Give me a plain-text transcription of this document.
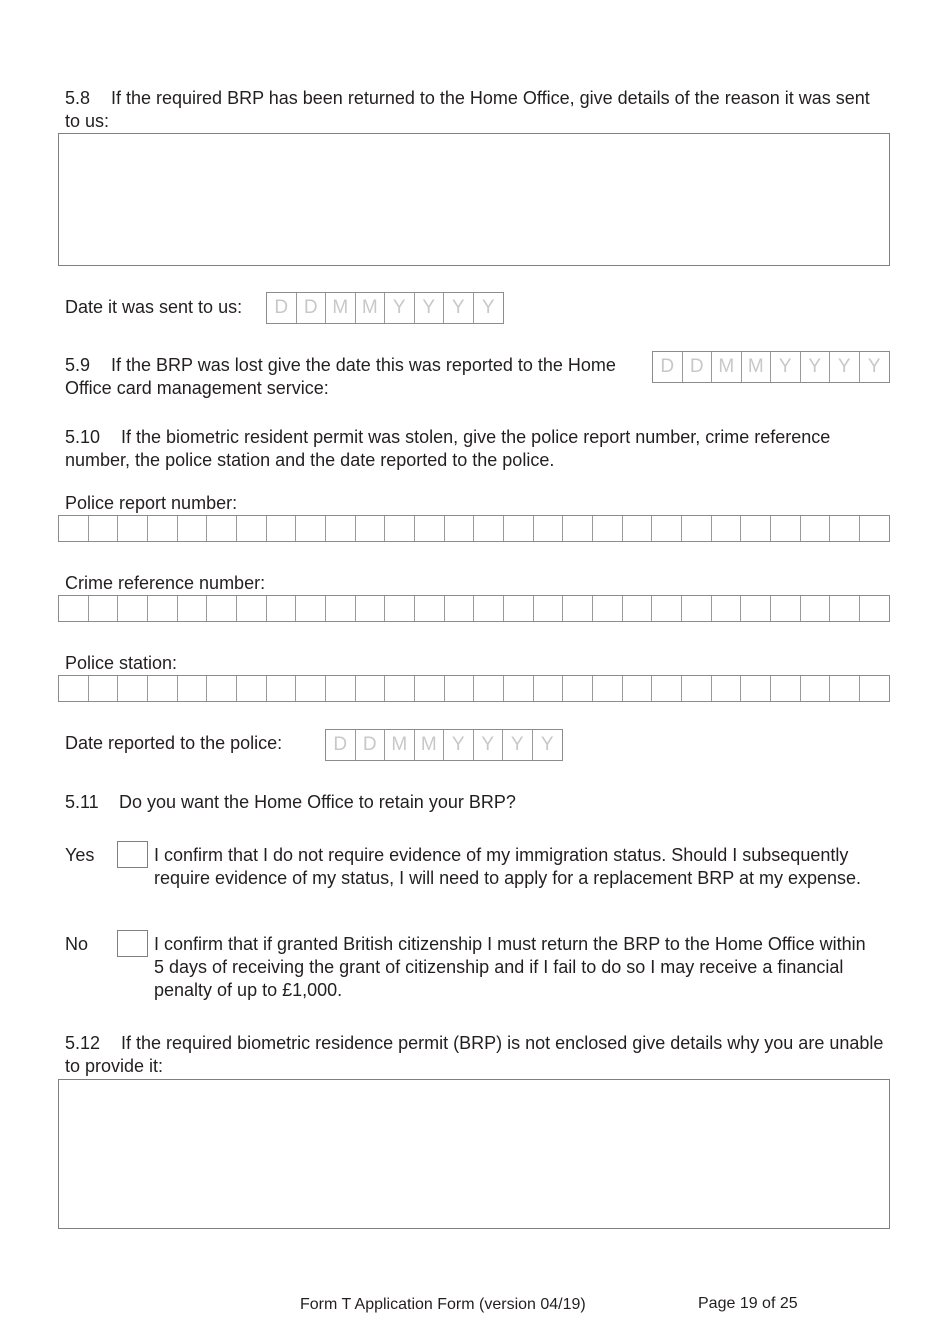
5.8 If the required BRP has been returned to the Home Office, give details of the reason it was sent to us:
Date it was sent to us:	D D M M Y Y Y Y
5.9 If the BRP was lost give the date this was reported to the Home Office card management service:
D D M M Y Y Y Y
5.10 If the biometric resident permit was stolen, give the police report number, crime reference number, the police station and the date reported to the police.
Police report number:
Crime reference number:
Police station:
Date reported to the police:	D D M M Y Y Y Y
5.11 Do you want the Home Office to retain your BRP?
Yes	I confirm that I do not require evidence of my immigration status. Should I subsequently require evidence of my status, I will need to apply for a replacement BRP at my expense.
No	I confirm that if granted British citizenship I must return the BRP to the Home Office within 5 days of receiving the grant of citizenship and if I fail to do so I may receive a financial penalty of up to £1,000.
5.12 If the required biometric residence permit (BRP) is not enclosed give details why you are unable to provide it:
Form T Application Form (version 04/19)	Page 19 of 25
